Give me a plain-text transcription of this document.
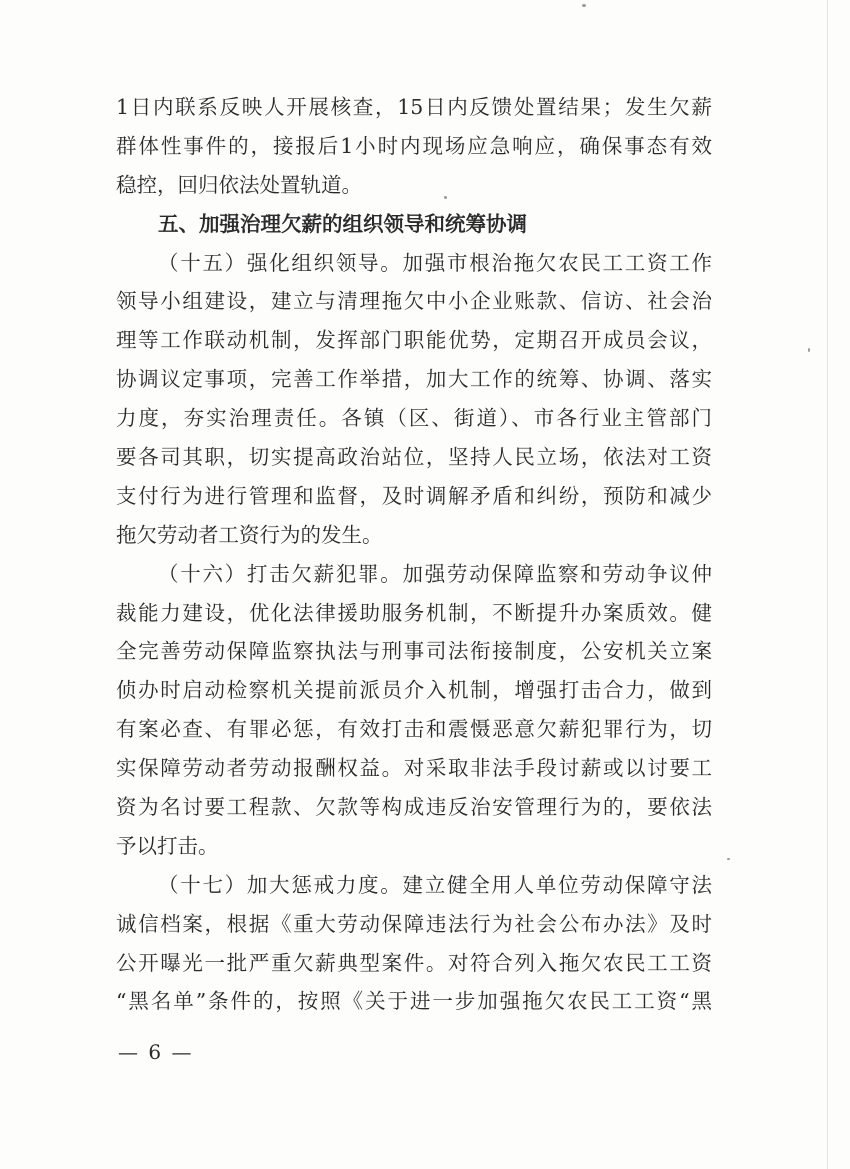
1日内联系反映人开展核查，15日内反馈处置结果；发生欠薪
群体性事件的，接报后1小时内现场应急响应，确保事态有效
稳控，回归依法处置轨道。
五、加强治理欠薪的组织领导和统筹协调
（十五）强化组织领导。加强市根治拖欠农民工工资工作
领导小组建设，建立与清理拖欠中小企业账款、信访、社会治
理等工作联动机制，发挥部门职能优势，定期召开成员会议，
协调议定事项，完善工作举措，加大工作的统筹、协调、落实
力度，夯实治理责任。各镇（区、街道）、市各行业主管部门
要各司其职，切实提高政治站位，坚持人民立场，依法对工资
支付行为进行管理和监督，及时调解矛盾和纠纷，预防和减少
拖欠劳动者工资行为的发生。
（十六）打击欠薪犯罪。加强劳动保障监察和劳动争议仲
裁能力建设，优化法律援助服务机制，不断提升办案质效。健
全完善劳动保障监察执法与刑事司法衔接制度，公安机关立案
侦办时启动检察机关提前派员介入机制，增强打击合力，做到
有案必查、有罪必惩，有效打击和震慑恶意欠薪犯罪行为，切
实保障劳动者劳动报酬权益。对采取非法手段讨薪或以讨要工
资为名讨要工程款、欠款等构成违反治安管理行为的，要依法
予以打击。
（十七）加大惩戒力度。建立健全用人单位劳动保障守法
诚信档案，根据《重大劳动保障违法行为社会公布办法》及时
公开曝光一批严重欠薪典型案件。对符合列入拖欠农民工工资
“黑名单”条件的，按照《关于进一步加强拖欠农民工工资“黑
— 6 —
